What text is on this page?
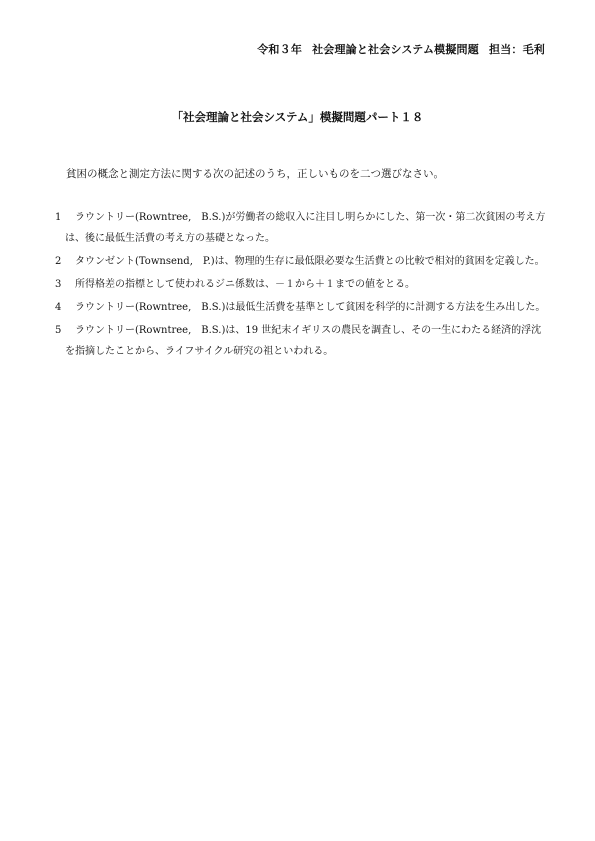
令和３年 社会理論と社会システム模擬問題 担当：毛利
「社会理論と社会システム」模擬問題パート１８
貧困の概念と測定方法に関する次の記述のうち，正しいものを二つ選びなさい。
1	ラウントリー(Rowntree,　B.S.)が労働者の総収入に注目し明らかにした、第一次・第二次貧困の考え方は、後に最低生活費の考え方の基礎となった。
2	タウンゼント(Townsend,　P.)は、物理的生存に最低限必要な生活費との比較で相対的貧困を定義した。
3	所得格差の指標として使われるジニ係数は、－１から＋１までの値をとる。
4	ラウントリー(Rowntree,　B.S.)は最低生活費を基準として貧困を科学的に計測する方法を生み出した。
5	ラウントリー(Rowntree,　B.S.)は、19 世紀末イギリスの農民を調査し、その一生にわたる経済的浮沈を指摘したことから、ライフサイクル研究の祖といわれる。
